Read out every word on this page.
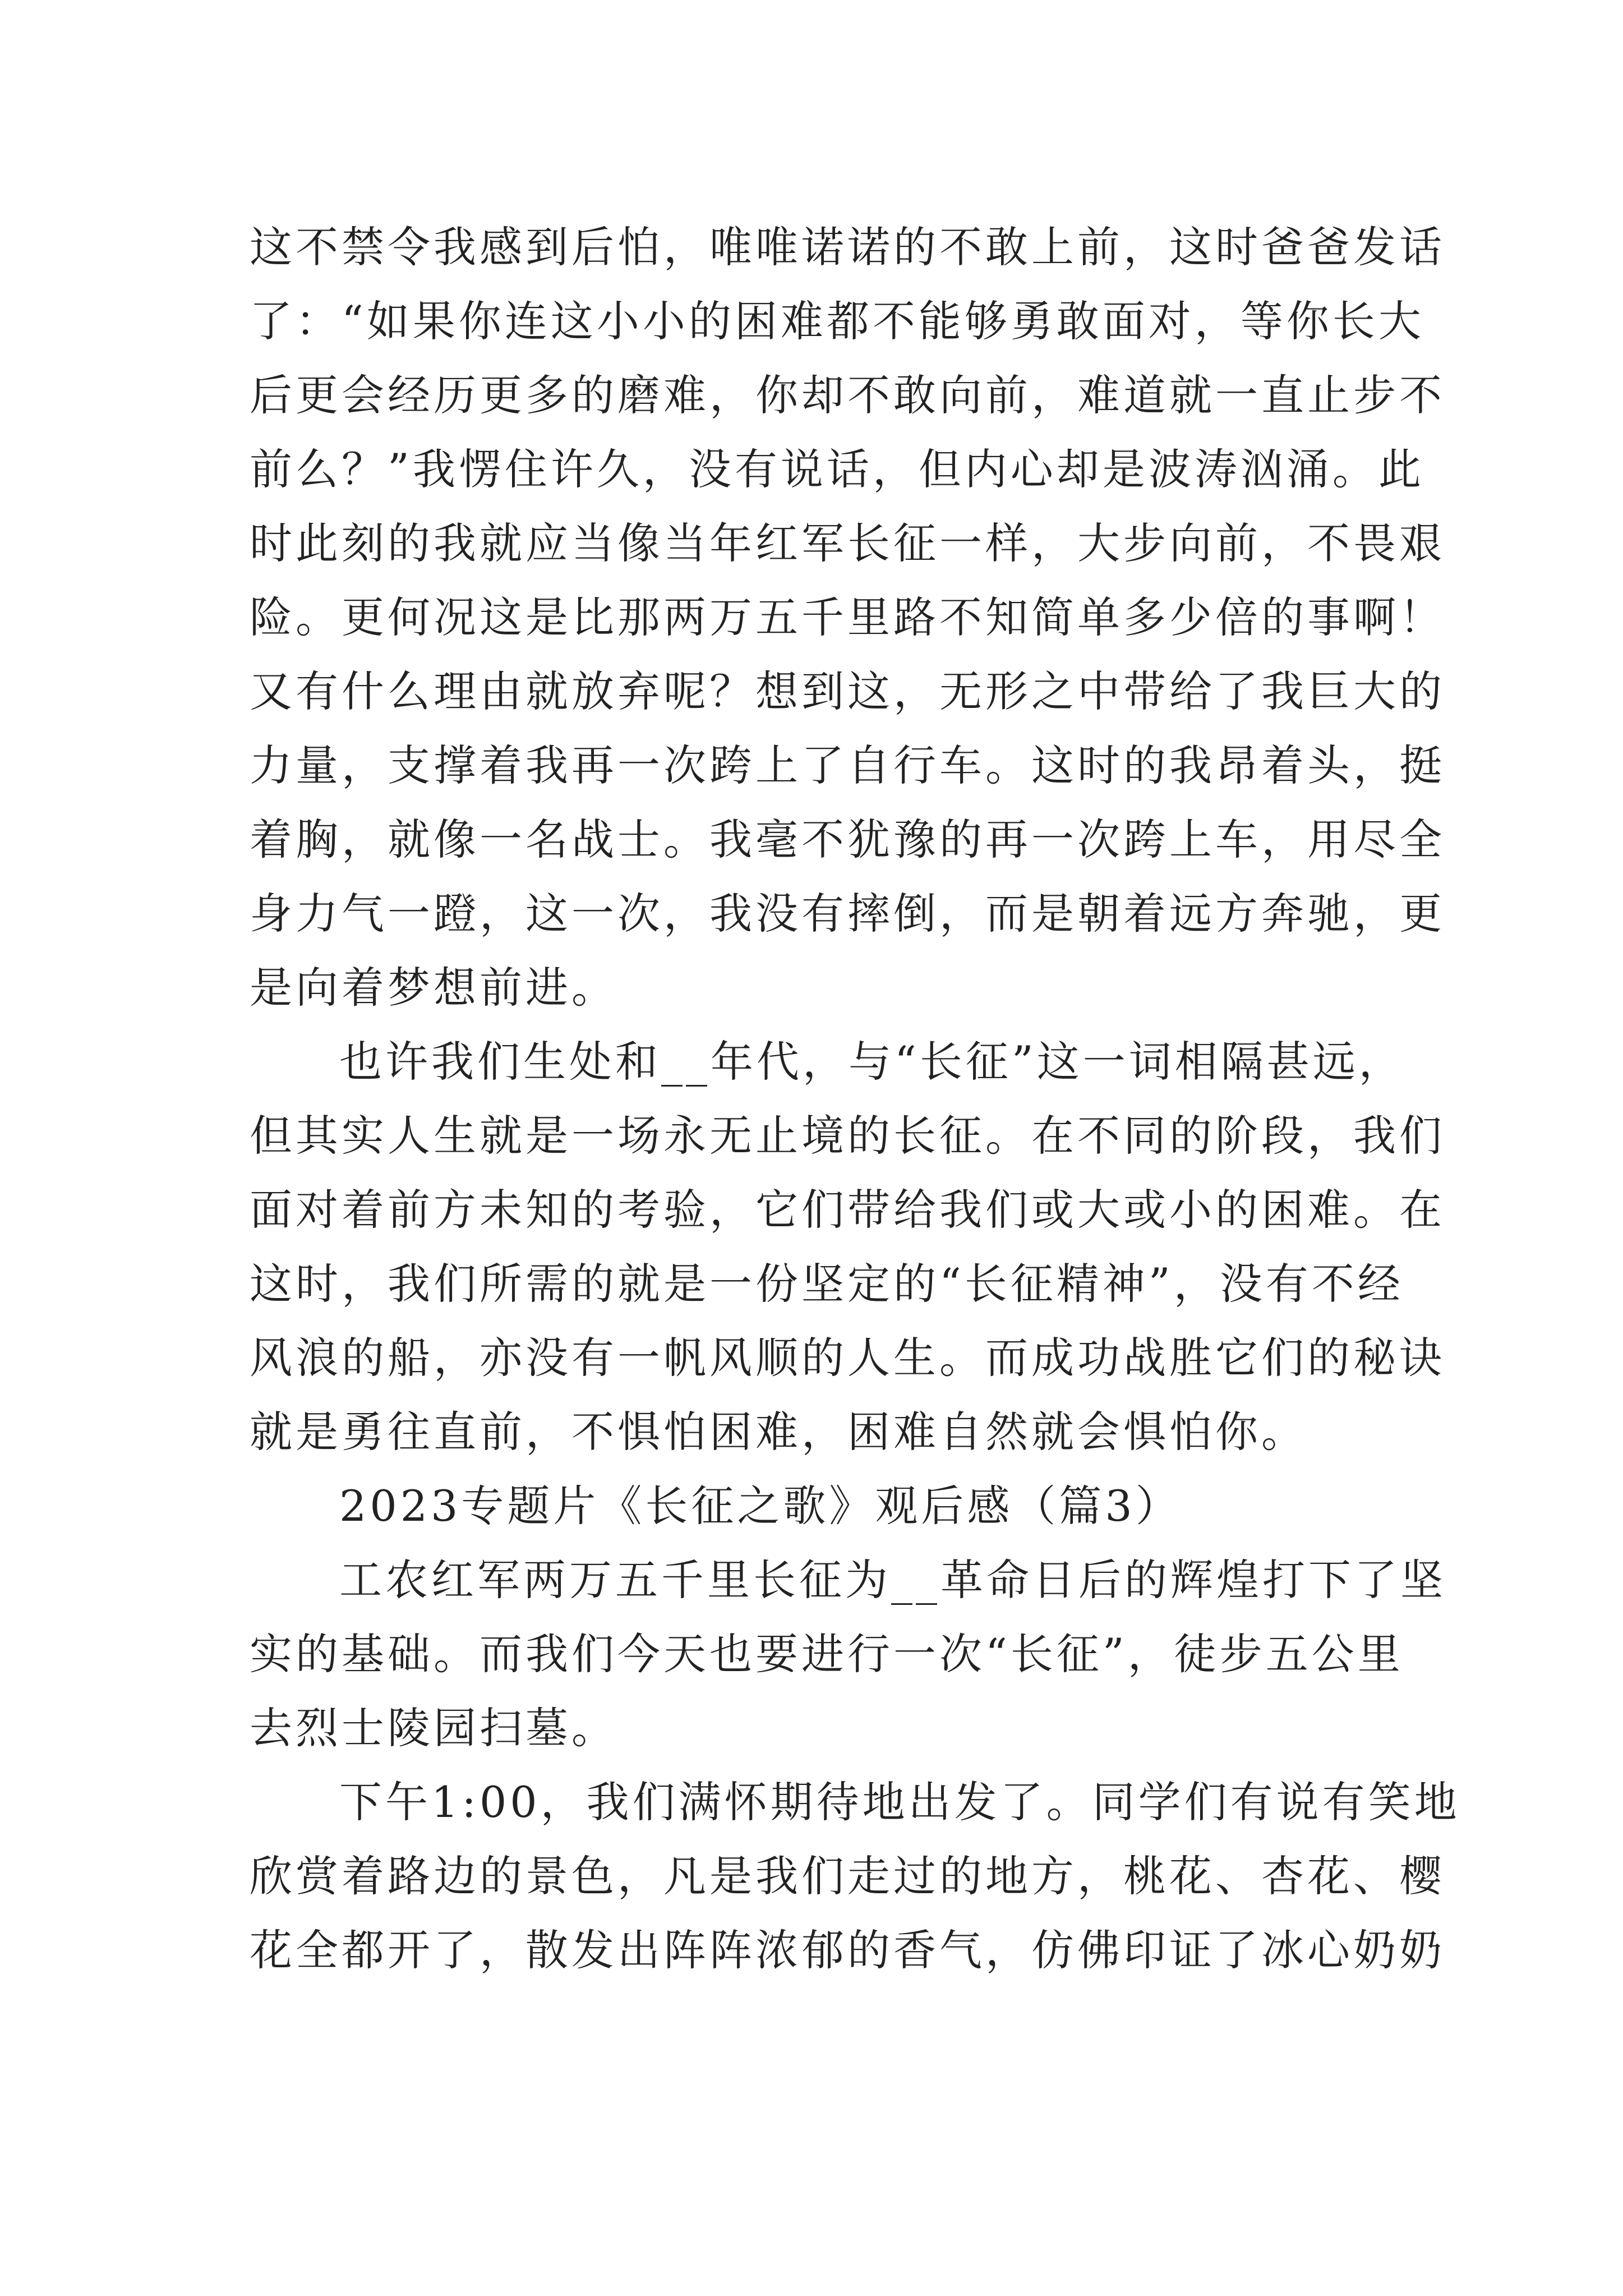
这不禁令我感到后怕，唯唯诺诺的不敢上前，这时爸爸发话
了：“如果你连这小小的困难都不能够勇敢面对，等你长大
后更会经历更多的磨难，你却不敢向前，难道就一直止步不
前么？”我愣住许久，没有说话，但内心却是波涛汹涌。此
时此刻的我就应当像当年红军长征一样，大步向前，不畏艰
险。更何况这是比那两万五千里路不知简单多少倍的事啊！
又有什么理由就放弃呢？想到这，无形之中带给了我巨大的
力量，支撑着我再一次跨上了自行车。这时的我昂着头，挺
着胸，就像一名战士。我毫不犹豫的再一次跨上车，用尽全
身力气一蹬，这一次，我没有摔倒，而是朝着远方奔驰，更
是向着梦想前进。
也许我们生处和__年代，与“长征”这一词相隔甚远，
但其实人生就是一场永无止境的长征。在不同的阶段，我们
面对着前方未知的考验，它们带给我们或大或小的困难。在
这时，我们所需的就是一份坚定的“长征精神”，没有不经
风浪的船，亦没有一帆风顺的人生。而成功战胜它们的秘诀
就是勇往直前，不惧怕困难，困难自然就会惧怕你。
2023专题片《长征之歌》观后感（篇3）
工农红军两万五千里长征为__革命日后的辉煌打下了坚
实的基础。而我们今天也要进行一次“长征”，徒步五公里
去烈士陵园扫墓。
下午1:00，我们满怀期待地出发了。同学们有说有笑地
欣赏着路边的景色，凡是我们走过的地方，桃花、杏花、樱
花全都开了，散发出阵阵浓郁的香气，仿佛印证了冰心奶奶
